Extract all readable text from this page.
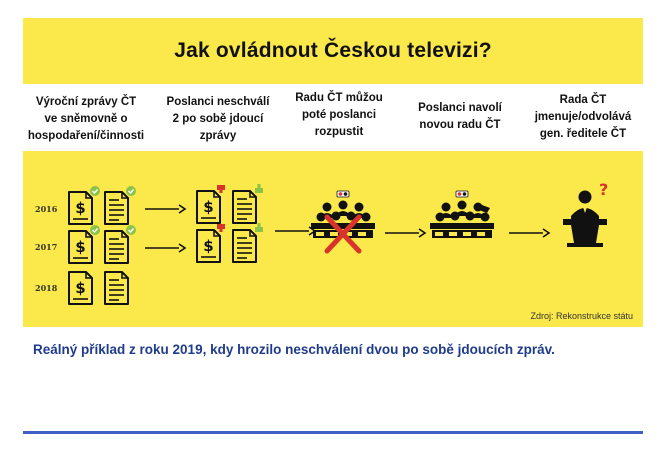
Jak ovládnout Českou televizi?
Výroční zprávy ČT
ve sněmovně o
hospodaření/činnosti
Poslanci neschválí
2 po sobě jdoucí
zprávy
Radu ČT můžou
poté poslanci
rozpustit
Poslanci navolí
novou radu ČT
Rada ČT
jmenuje/odvolává
gen. ředitele ČT
$
2016
2017
2018
?
Zdroj: Rekonstrukce státu
Reálný příklad z roku 2019, kdy hrozilo neschválení dvou po sobě jdoucích zpráv.
